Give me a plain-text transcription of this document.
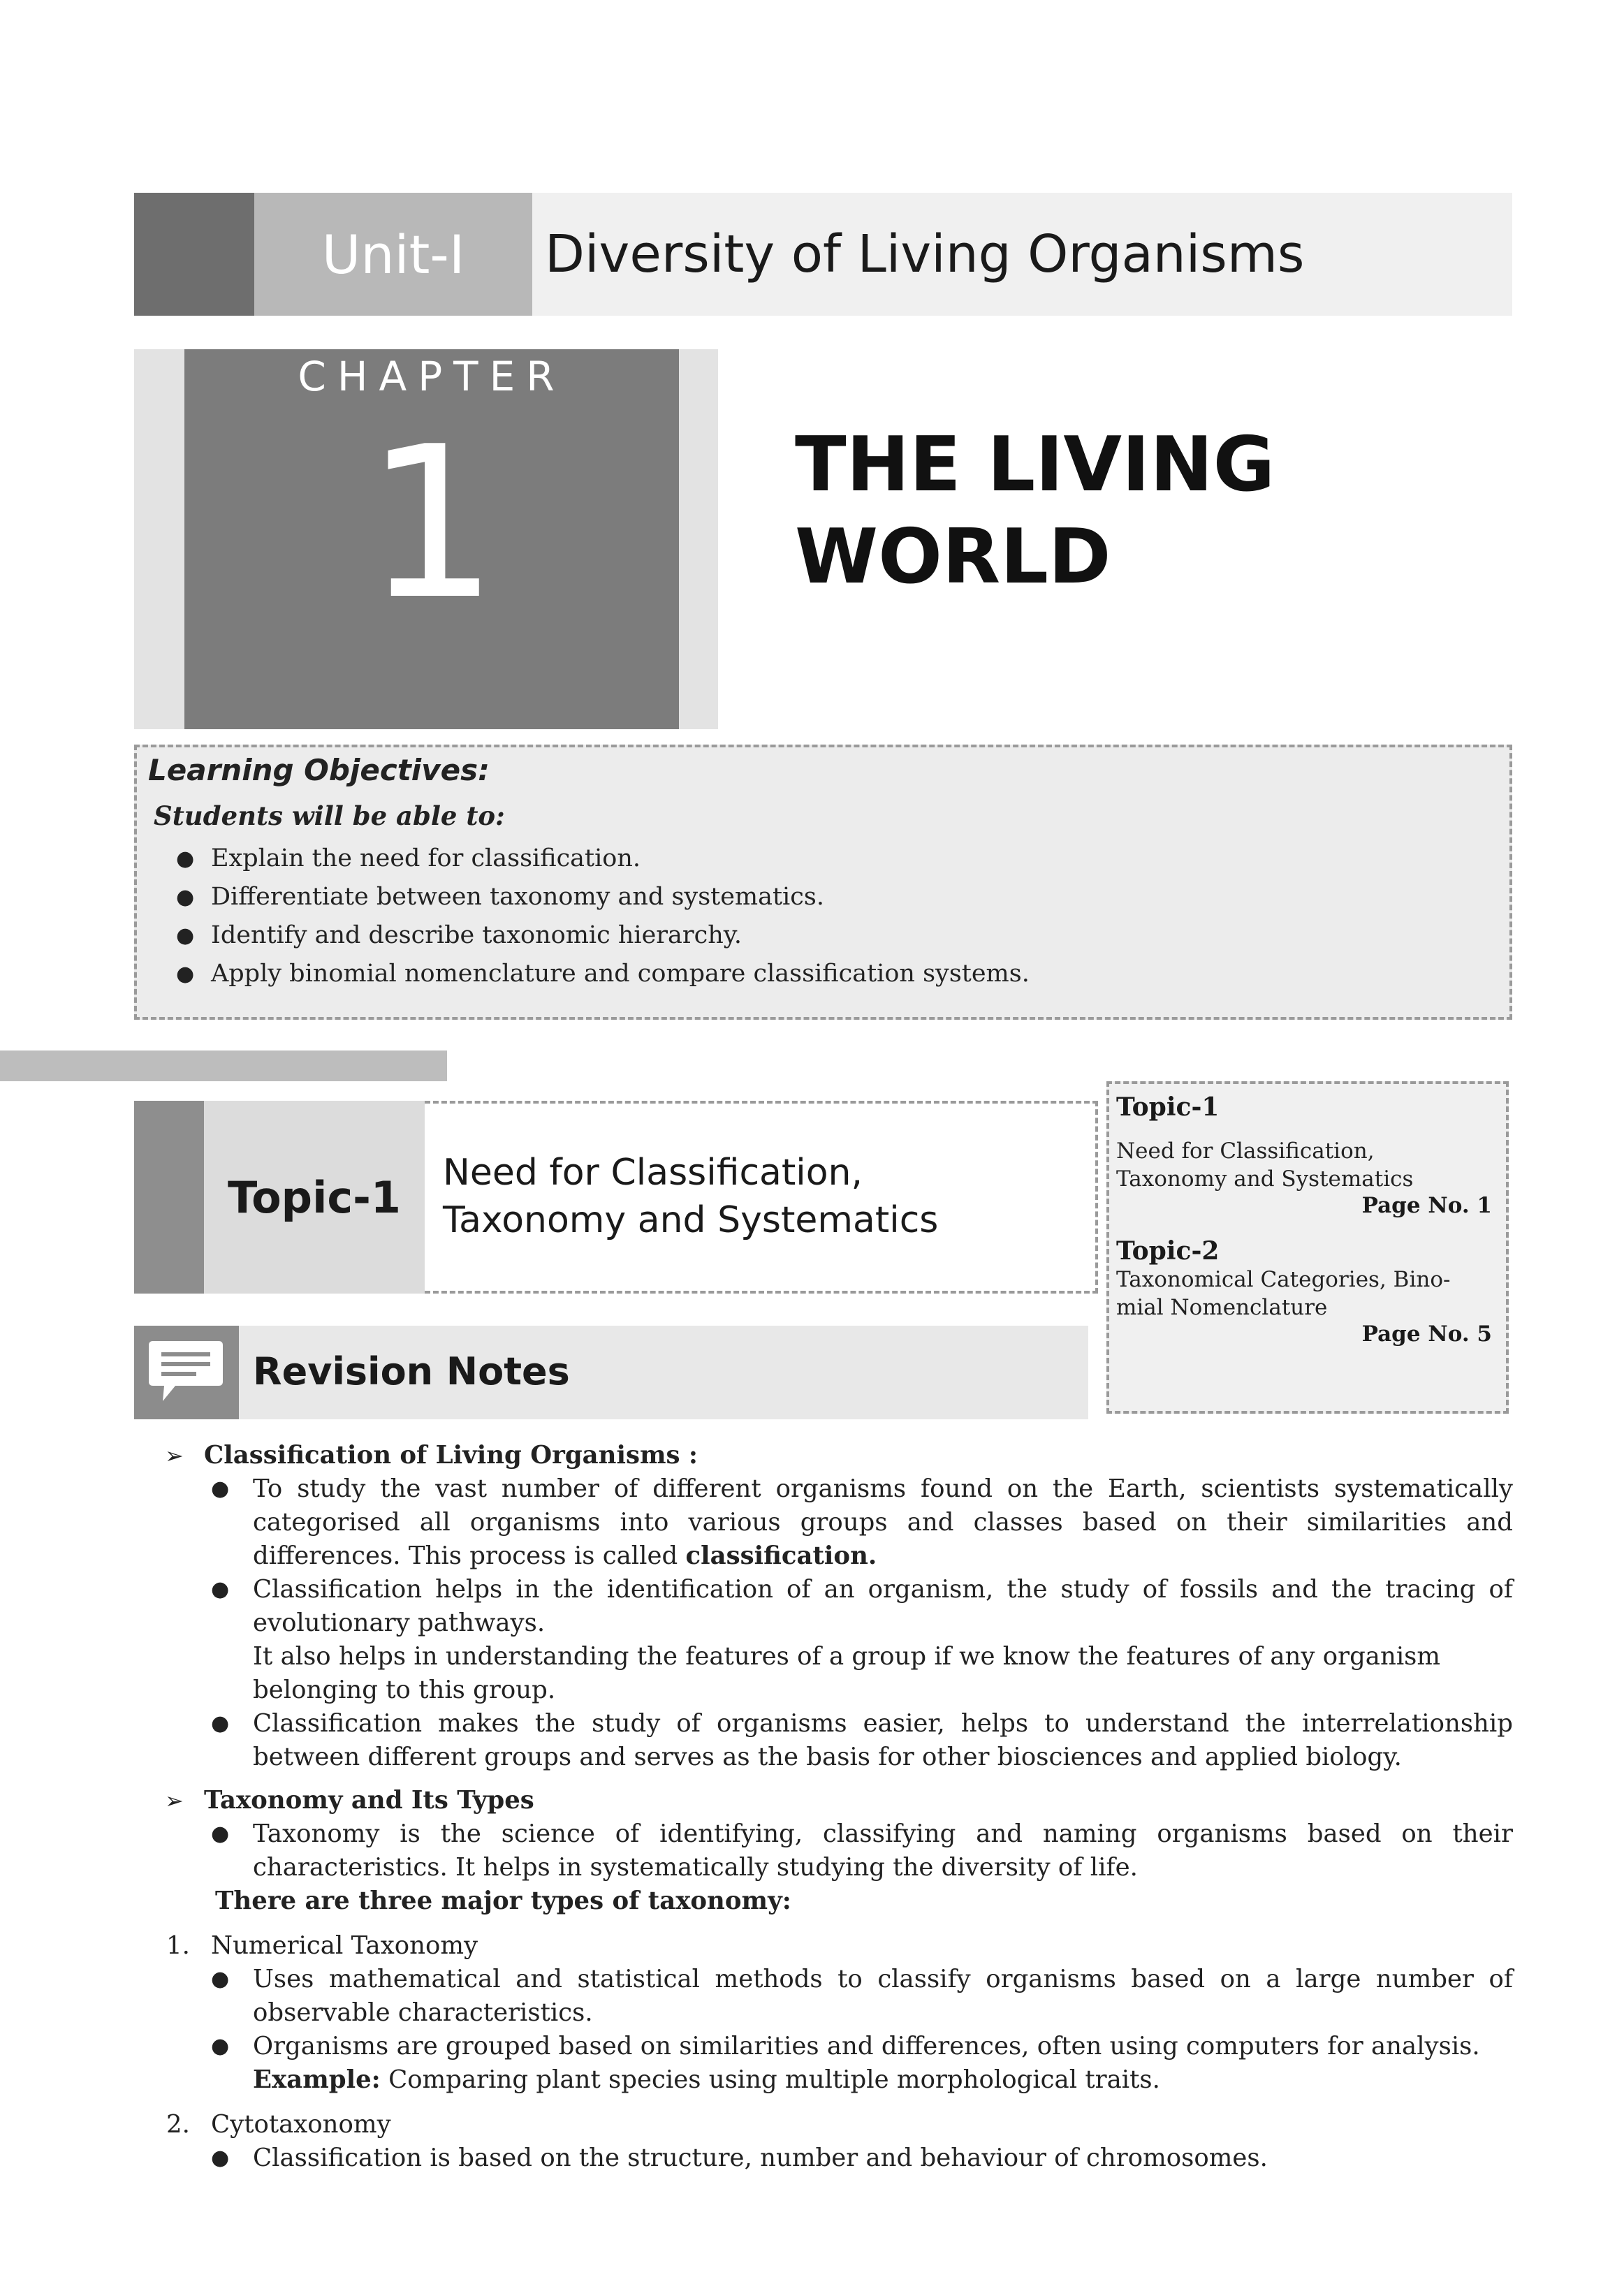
Unit-I Diversity of Living Organisms
CHAPTER
1	THE LIVING
WORLD
Learning Objectives:
Students will be able to:
● Explain the need for classification.
● Differentiate between taxonomy and systematics.
● Identify and describe taxonomic hierarchy.
● Apply binomial nomenclature and compare classification systems.
Topic-1 Need for Classification,
Taxonomy and Systematics
Topic-1
Need for Classification,
Taxonomy and Systematics
Page No. 1
Topic-2
Taxonomical Categories, Bino-
mial Nomenclature
Page No. 5
Revision Notes
➢ Classification of Living Organisms :
● To study the vast number of different organisms found on the Earth, scientists systematically categorised all organisms into various groups and classes based on their similarities and differences. This process is called classification.
● Classification helps in the identification of an organism, the study of fossils and the tracing of evolutionary pathways.
It also helps in understanding the features of a group if we know the features of any organism belonging to this group.
● Classification makes the study of organisms easier, helps to understand the interrelationship between different groups and serves as the basis for other biosciences and applied biology.
➢ Taxonomy and Its Types
● Taxonomy is the science of identifying, classifying and naming organisms based on their characteristics. It helps in systematically studying the diversity of life.
There are three major types of taxonomy:
1. Numerical Taxonomy
● Uses mathematical and statistical methods to classify organisms based on a large number of observable characteristics.
● Organisms are grouped based on similarities and differences, often using computers for analysis.
Example: Comparing plant species using multiple morphological traits.
2. Cytotaxonomy
● Classification is based on the structure, number and behaviour of chromosomes.
